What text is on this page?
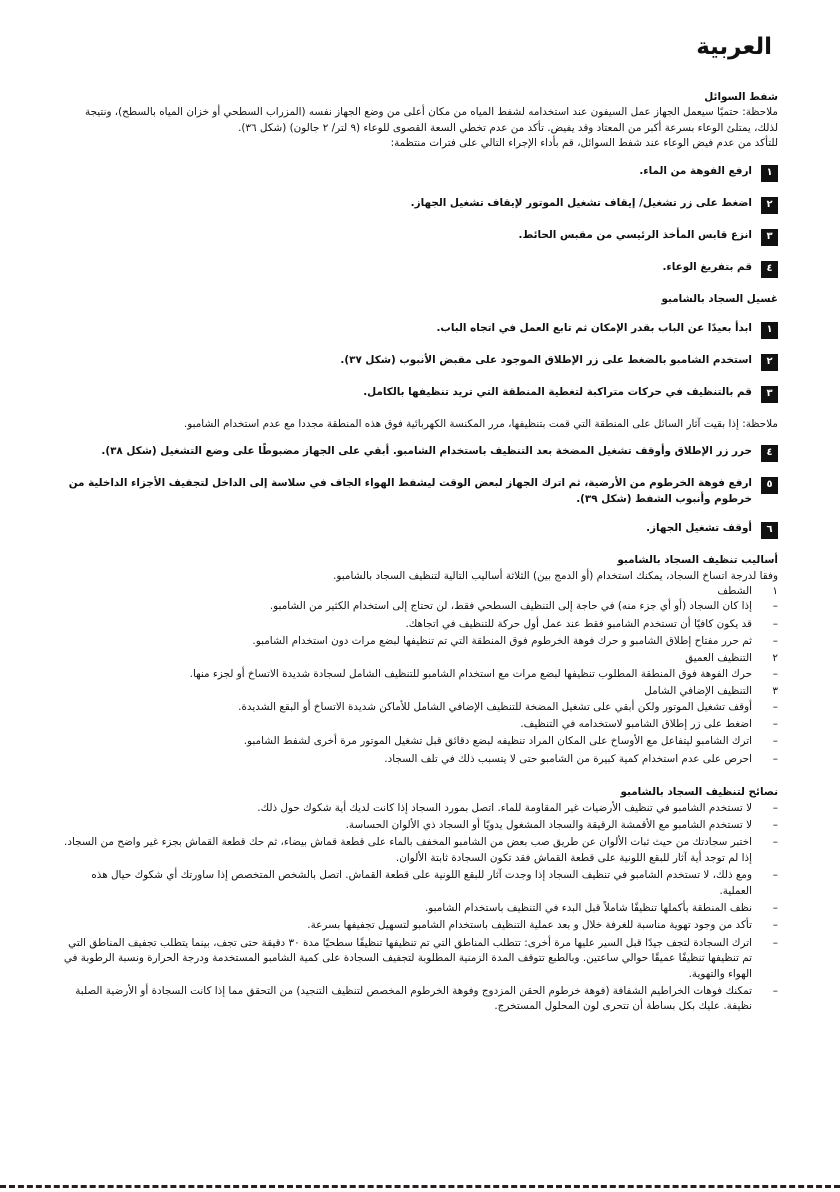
العربية

شفط السوائل

ملاحظة: حتميًا سيعمل الجهاز عمل السيفون عند استخدامه لشفط المياه من مكان أعلى من وضع الجهاز نفسه (المزراب السطحي أو خزان المياه بالسطح)، ونتيجة لذلك، يمتلئ الوعاء بسرعة أكبر من المعتاد وقد يفيض. تأكد من عدم تخطي السعة القصوى للوعاء (٩ لتر/ ٢ جالون) (شكل ٣٦).

للتأكد من عدم فيض الوعاء عند شفط السوائل، قم بأداء الإجراء التالي على فترات منتظمة:

١
ارفع الفوهة من الماء.
٢
اضغط على زر تشغيل/ إيقاف تشغيل الموتور لإيقاف تشغيل الجهاز.
٣
انزع قابس المأخذ الرئيسي من مقبس الحائط.
٤
قم بتفريغ الوعاء.

غسيل السجاد بالشامبو

١
ابدأ بعيدًا عن الباب بقدر الإمكان ثم تابع العمل في اتجاه الباب.
٢
استخدم الشامبو بالضغط على زر الإطلاق الموجود على مقبض الأنبوب (شكل ٣٧).
٣
قم بالتنظيف في حركات متراكبة لتغطية المنطقة التي تريد تنظيفها بالكامل.

ملاحظة: إذا بقيت آثار السائل على المنطقة التي قمت بتنظيفها، مرر المكنسة الكهربائية فوق هذه المنطقة مجددا مع عدم استخدام الشامبو.

٤
حرر زر الإطلاق وأوقف تشغيل المضخة بعد التنظيف باستخدام الشامبو. أبقي على الجهاز مضبوطًا على وضع التشغيل (شكل ٣٨).
٥
ارفع فوهة الخرطوم من الأرضية، ثم اترك الجهاز لبعض الوقت ليشفط الهواء الجاف في سلاسة إلى الداخل لتجفيف الأجزاء الداخلية من خرطوم وأنبوب الشفط (شكل ٣٩).
٦
أوقف تشغيل الجهاز.

أساليب تنظيف السجاد بالشامبو

وفقا لدرجة اتساخ السجاد، يمكنك استخدام (أو الدمج بين) الثلاثة أساليب التالية لتنظيف السجاد بالشامبو.

١
الشطف
–
إذا كان السجاد (أو أي جزء منه) في حاجة إلى التنظيف السطحي فقط، لن تحتاج إلى استخدام الكثير من الشامبو.
–
قد يكون كافيًا أن تستخدم الشامبو فقط عند عمل أول حركة للتنظيف في اتجاهك.
–
ثم حرر مفتاح إطلاق الشامبو و حرك فوهة الخرطوم فوق المنطقة التي تم تنظيفها لبضع مرات دون استخدام الشامبو.
٢
التنظيف العميق
–
حرك الفوهة فوق المنطقة المطلوب تنظيفها لبضع مرات مع استخدام الشامبو للتنظيف الشامل لسجادة شديدة الاتساخ أو لجزء منها.
٣
التنظيف الإضافي الشامل
–
أوقف تشغيل الموتور ولكن أبقي على تشغيل المضخة للتنظيف الإضافي الشامل للأماكن شديدة الاتساخ أو البقع الشديدة.
–
اضغط على زر إطلاق الشامبو لاستخدامه في التنظيف.
–
اترك الشامبو ليتفاعل مع الأوساخ على المكان المراد تنظيفه لبضع دقائق قبل تشغيل الموتور مرة أخرى لشفط الشامبو.
–
احرص على عدم استخدام كمية كبيرة من الشامبو حتى لا يتسبب ذلك في تلف السجاد.

نصائح لتنظيف السجاد بالشامبو

–
لا تستخدم الشامبو في تنظيف الأرضيات غير المقاومة للماء. اتصل بمورد السجاد إذا كانت لديك أية شكوك حول ذلك.
–
لا تستخدم الشامبو مع الأقمشة الرقيقة والسجاد المشغول يدويًا أو السجاد ذي الألوان الحساسة.
–
اختبر سجادتك من حيث ثبات الألوان عن طريق صب بعض من الشامبو المخفف بالماء على قطعة قماش بيضاء، ثم حك قطعة القماش بجزء غير واضح من السجاد. إذا لم توجد أية آثار للبقع اللونية على قطعة القماش فقد تكون السجادة ثابتة الألوان.
–
ومع ذلك، لا تستخدم الشامبو في تنظيف السجاد إذا وجدت آثار للبقع اللونية على قطعة القماش. اتصل بالشخص المتخصص إذا ساورتك أي شكوك حيال هذه العملية.
–
نظف المنطقة بأكملها تنظيفًا شاملاً قبل البدء في التنظيف باستخدام الشامبو.
–
تأكد من وجود تهوية مناسبة للغرفة خلال و بعد عملية التنظيف باستخدام الشامبو لتسهيل تجفيفها بسرعة.
–
اترك السجادة لتجف جيدًا قبل السير عليها مرة أخرى: تتطلب المناطق التي تم تنظيفها تنظيفًا سطحيًا مدة ٣٠ دقيقة حتى تجف، بينما يتطلب تجفيف المناطق التي تم تنظيفها تنظيفًا عميقًا حوالي ساعتين. وبالطبع تتوقف المدة الزمنية المطلوبة لتجفيف السجادة على كمية الشامبو المستخدمة ودرجة الحرارة ونسبة الرطوبة في الهواء والتهوية.
–
تمكنك فوهات الخراطيم الشفافة (فوهة خرطوم الحقن المزدوج وفوهة الخرطوم المخصص لتنظيف التنجيد) من التحقق مما إذا كانت السجادة أو الأرضية الصلبة نظيفة. عليك بكل بساطة أن تتحرى لون المحلول المستخرج.
